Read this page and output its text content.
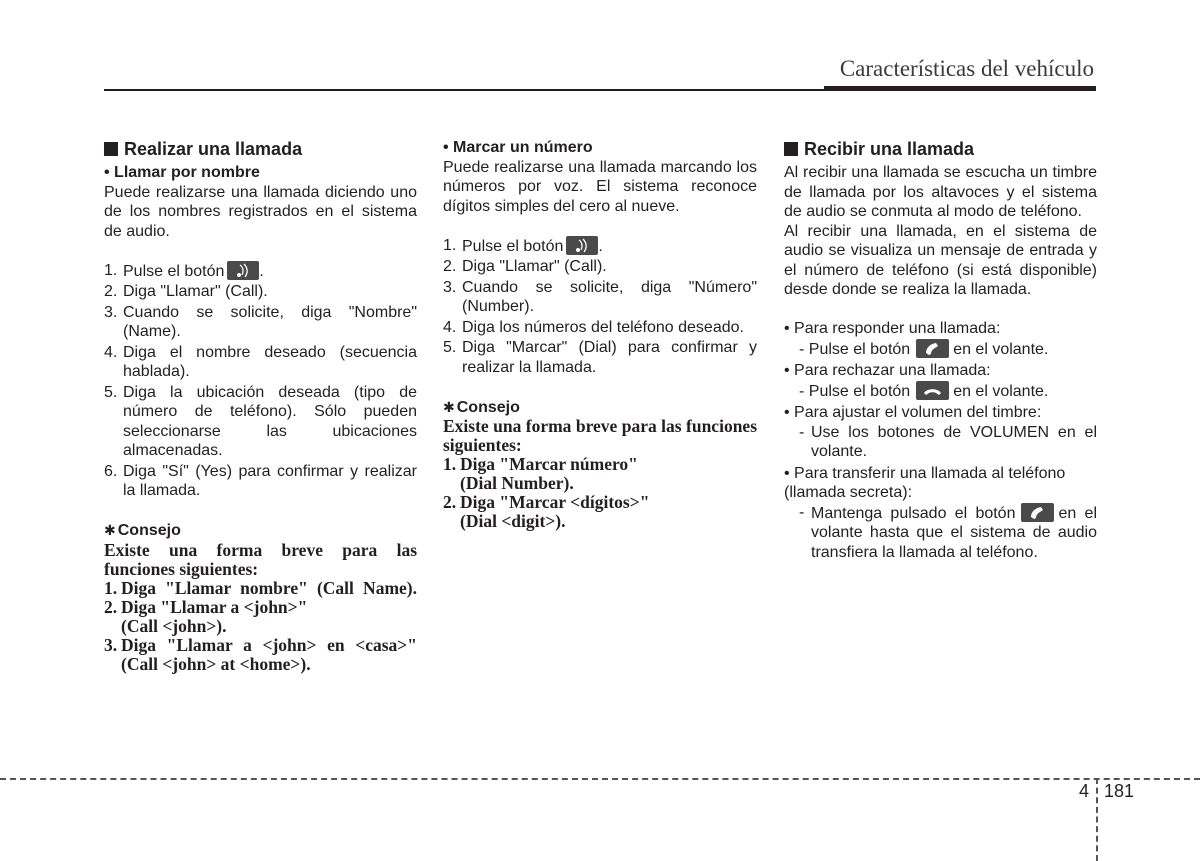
Características del vehículo
Realizar una llamada
• Llamar por nombre

Puede realizarse una llamada diciendo uno de los nombres registrados en el sistema de audio.

1. Pulse el botón .
2. Diga "Llamar" (Call).
3. Cuando se solicite, diga "Nombre" (Name).
4. Diga el nombre deseado (secuencia hablada).
5. Diga la ubicación deseada (tipo de número de teléfono). Sólo pueden seleccionarse las ubicaciones almacenadas.
6. Diga "Sí" (Yes) para confirmar y realizar la llamada.
✱ Consejo
Existe una forma breve para las funciones siguientes:
1. Diga "Llamar nombre" (Call Name).
2. Diga "Llamar a <john>"
(Call <john>).
3. Diga "Llamar a <john> en <casa>"
(Call <john> at <home>).
• Marcar un número

Puede realizarse una llamada marcando los números por voz. El sistema reconoce dígitos simples del cero al nueve.

1. Pulse el botón .
2. Diga "Llamar" (Call).
3. Cuando se solicite, diga "Número" (Number).
4. Diga los números del teléfono deseado.
5. Diga "Marcar" (Dial) para confirmar y realizar la llamada.
✱ Consejo
Existe una forma breve para las funciones siguientes:
1. Diga "Marcar número"
(Dial Number).
2. Diga "Marcar <dígitos>"
(Dial <digit>).
Recibir una llamada

Al recibir una llamada se escucha un timbre de llamada por los altavoces y el sistema de audio se conmuta al modo de teléfono.

Al recibir una llamada, en el sistema de audio se visualiza un mensaje de entrada y el número de teléfono (si está disponible) desde donde se realiza la llamada.

• Para responder una llamada:
- Pulse el botón	en el volante.
• Para rechazar una llamada:
- Pulse el botón	en el volante.
• Para ajustar el volumen del timbre:
- Use los botones de VOLUMEN en el volante.
• Para transferir una llamada al teléfono (llamada secreta):
- Mantenga pulsado el botón	en el volante hasta que el sistema de audio transfiera la llamada al teléfono.
4 181
